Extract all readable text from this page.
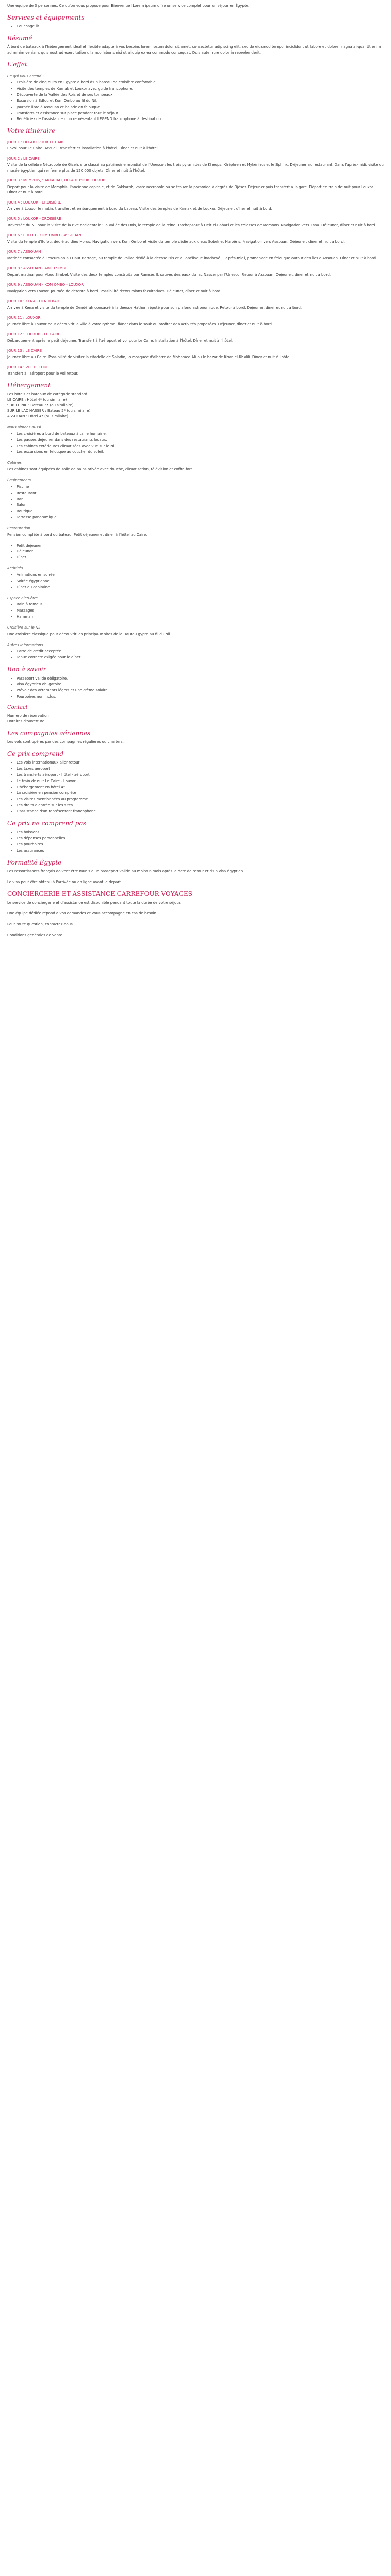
Une équipe de 3 personnes. Ce qu'on vous propose pour Bienvenue! Lorem ipsum offre un service complet pour un séjour en Égypte.

Services et équipements
• Couchage lit
Résumé

À bord de bateaux à l'hébergement idéal et flexible adapté à vos besoins lorem ipsum dolor sit amet, consectetur adipiscing elit, sed do eiusmod tempor incididunt ut labore et dolore magna aliqua. Ut enim ad minim veniam, quis nostrud exercitation ullamco laboris nisi ut aliquip ex ea commodo consequat. Duis aute irure dolor in reprehenderit.

L'effet

Ce qui vous attend :

• Croisière de cinq nuits en Egypte à bord d'un bateau de croisière confortable.
• Visite des temples de Karnak et Louxor avec guide francophone.
• Découverte de la Vallée des Rois et de ses tombeaux.
• Excursion à Edfou et Kom Ombo au fil du Nil.
• Journée libre à Assouan et balade en felouque.
• Transferts et assistance sur place pendant tout le séjour.
• Bénéficiez de l'assistance d'un représentant LEGEND francophone à destination.
Votre itinéraire

JOUR 1 : DÉPART POUR LE CAIRE

Envol pour Le Caire. Accueil, transfert et installation à l'hôtel. Dîner et nuit à l'hôtel.

JOUR 2 : LE CAIRE

Visite de la célèbre Nécropole de Gizeh, site classé au patrimoine mondial de l'Unesco : les trois pyramides de Khéops, Khéphren et Mykérinos et le Sphinx. Déjeuner au restaurant. Dans l'après-midi, visite du musée égyptien qui renferme plus de 120 000 objets. Dîner et nuit à l'hôtel.

JOUR 3 : MEMPHIS, SAKKARAH, DÉPART POUR LOUXOR

Départ pour la visite de Memphis, l'ancienne capitale, et de Sakkarah, vaste nécropole où se trouve la pyramide à degrés de Djéser. Déjeuner puis transfert à la gare. Départ en train de nuit pour Louxor. Dîner et nuit à bord.

JOUR 4 : LOUXOR - CROISIÈRE

Arrivée à Louxor le matin, transfert et embarquement à bord du bateau. Visite des temples de Karnak et de Louxor. Déjeuner, dîner et nuit à bord.

JOUR 5 : LOUXOR - CROISIÈRE

Traversée du Nil pour la visite de la rive occidentale : la Vallée des Rois, le temple de la reine Hatchepsout à Deir el-Bahari et les colosses de Memnon. Navigation vers Esna. Déjeuner, dîner et nuit à bord.

JOUR 6 : EDFOU - KOM OMBO - ASSOUAN

Visite du temple d'Edfou, dédié au dieu Horus. Navigation vers Kom Ombo et visite du temple dédié aux dieux Sobek et Haroëris. Navigation vers Assouan. Déjeuner, dîner et nuit à bord.

JOUR 7 : ASSOUAN

Matinée consacrée à l'excursion au Haut Barrage, au temple de Philae dédié à la déesse Isis et à l'obélisque inachevé. L'après-midi, promenade en felouque autour des îles d'Assouan. Dîner et nuit à bord.

JOUR 8 : ASSOUAN - ABOU SIMBEL

Départ matinal pour Abou Simbel. Visite des deux temples construits par Ramsès II, sauvés des eaux du lac Nasser par l'Unesco. Retour à Assouan. Déjeuner, dîner et nuit à bord.

JOUR 9 : ASSOUAN - KOM OMBO - LOUXOR

Navigation vers Louxor. Journée de détente à bord. Possibilité d'excursions facultatives. Déjeuner, dîner et nuit à bord.

JOUR 10 : KENA - DENDÉRAH

Arrivée à Kena et visite du temple de Dendérah consacré à la déesse Hathor, réputé pour son plafond astronomique. Retour à bord. Déjeuner, dîner et nuit à bord.

JOUR 11 : LOUXOR

Journée libre à Louxor pour découvrir la ville à votre rythme, flâner dans le souk ou profiter des activités proposées. Déjeuner, dîner et nuit à bord.

JOUR 12 : LOUXOR - LE CAIRE

Débarquement après le petit déjeuner. Transfert à l'aéroport et vol pour Le Caire. Installation à l'hôtel. Dîner et nuit à l'hôtel.

JOUR 13 : LE CAIRE

Journée libre au Caire. Possibilité de visiter la citadelle de Saladin, la mosquée d'albâtre de Mohamed Ali ou le bazar de Khan el-Khalili. Dîner et nuit à l'hôtel.

JOUR 14 : VOL RETOUR

Transfert à l'aéroport pour le vol retour.

Hébergement

Les hôtels et bateaux de catégorie standard

LE CAIRE : Hôtel 4* (ou similaire)

SUR LE NIL : Bateau 5* (ou similaire)

SUR LE LAC NASSER : Bateau 5* (ou similaire)

ASSOUAN : Hôtel 4* (ou similaire)

Nous aimons aussi

• Les croisières à bord de bateaux à taille humaine.
• Les pauses déjeuner dans des restaurants locaux.
• Les cabines extérieures climatisées avec vue sur le Nil.
• Les excursions en felouque au coucher du soleil.

Cabines

Les cabines sont équipées de salle de bains privée avec douche, climatisation, télévision et coffre-fort.

Équipements

• Piscine
• Restaurant
• Bar
• Salon
• Boutique
• Terrasse panoramique

Restauration

Pension complète à bord du bateau. Petit déjeuner et dîner à l'hôtel au Caire.

• Petit déjeuner
• Déjeuner
• Dîner

Activités

• Animations en soirée
• Soirée égyptienne
• Dîner du capitaine

Espace bien-être

• Bain à remous
• Massages
• Hammam

Croisière sur le Nil

Une croisière classique pour découvrir les principaux sites de la Haute-Égypte au fil du Nil.

Autres informations

• Carte de crédit acceptée
• Tenue correcte exigée pour le dîner
Bon à savoir
• Passeport valide obligatoire.
• Visa égyptien obligatoire.
• Prévoir des vêtements légers et une crème solaire.
• Pourboires non inclus.
Contact

Numéro de réservation

Horaires d'ouverture

Les compagnies aériennes

Les vols sont opérés par des compagnies régulières ou charters.

Ce prix comprend
• Les vols internationaux aller-retour
• Les taxes aéroport
• Les transferts aéroport - hôtel - aéroport
• Le train de nuit Le Caire - Louxor
• L'hébergement en hôtel 4*
• La croisière en pension complète
• Les visites mentionnées au programme
• Les droits d'entrée sur les sites
• L'assistance d'un représentant francophone
Ce prix ne comprend pas
• Les boissons
• Les dépenses personnelles
• Les pourboires
• Les assurances
Formalité Égypte

Les ressortissants français doivent être munis d'un passeport valide au moins 6 mois après la date de retour et d'un visa égyptien.

Le visa peut être obtenu à l'arrivée ou en ligne avant le départ.

CONCIERGERIE ET ASSISTANCE CARREFOUR VOYAGES

Le service de conciergerie et d'assistance est disponible pendant toute la durée de votre séjour.

Une équipe dédiée répond à vos demandes et vous accompagne en cas de besoin.

Pour toute question, contactez-nous.

Conditions générales de vente
